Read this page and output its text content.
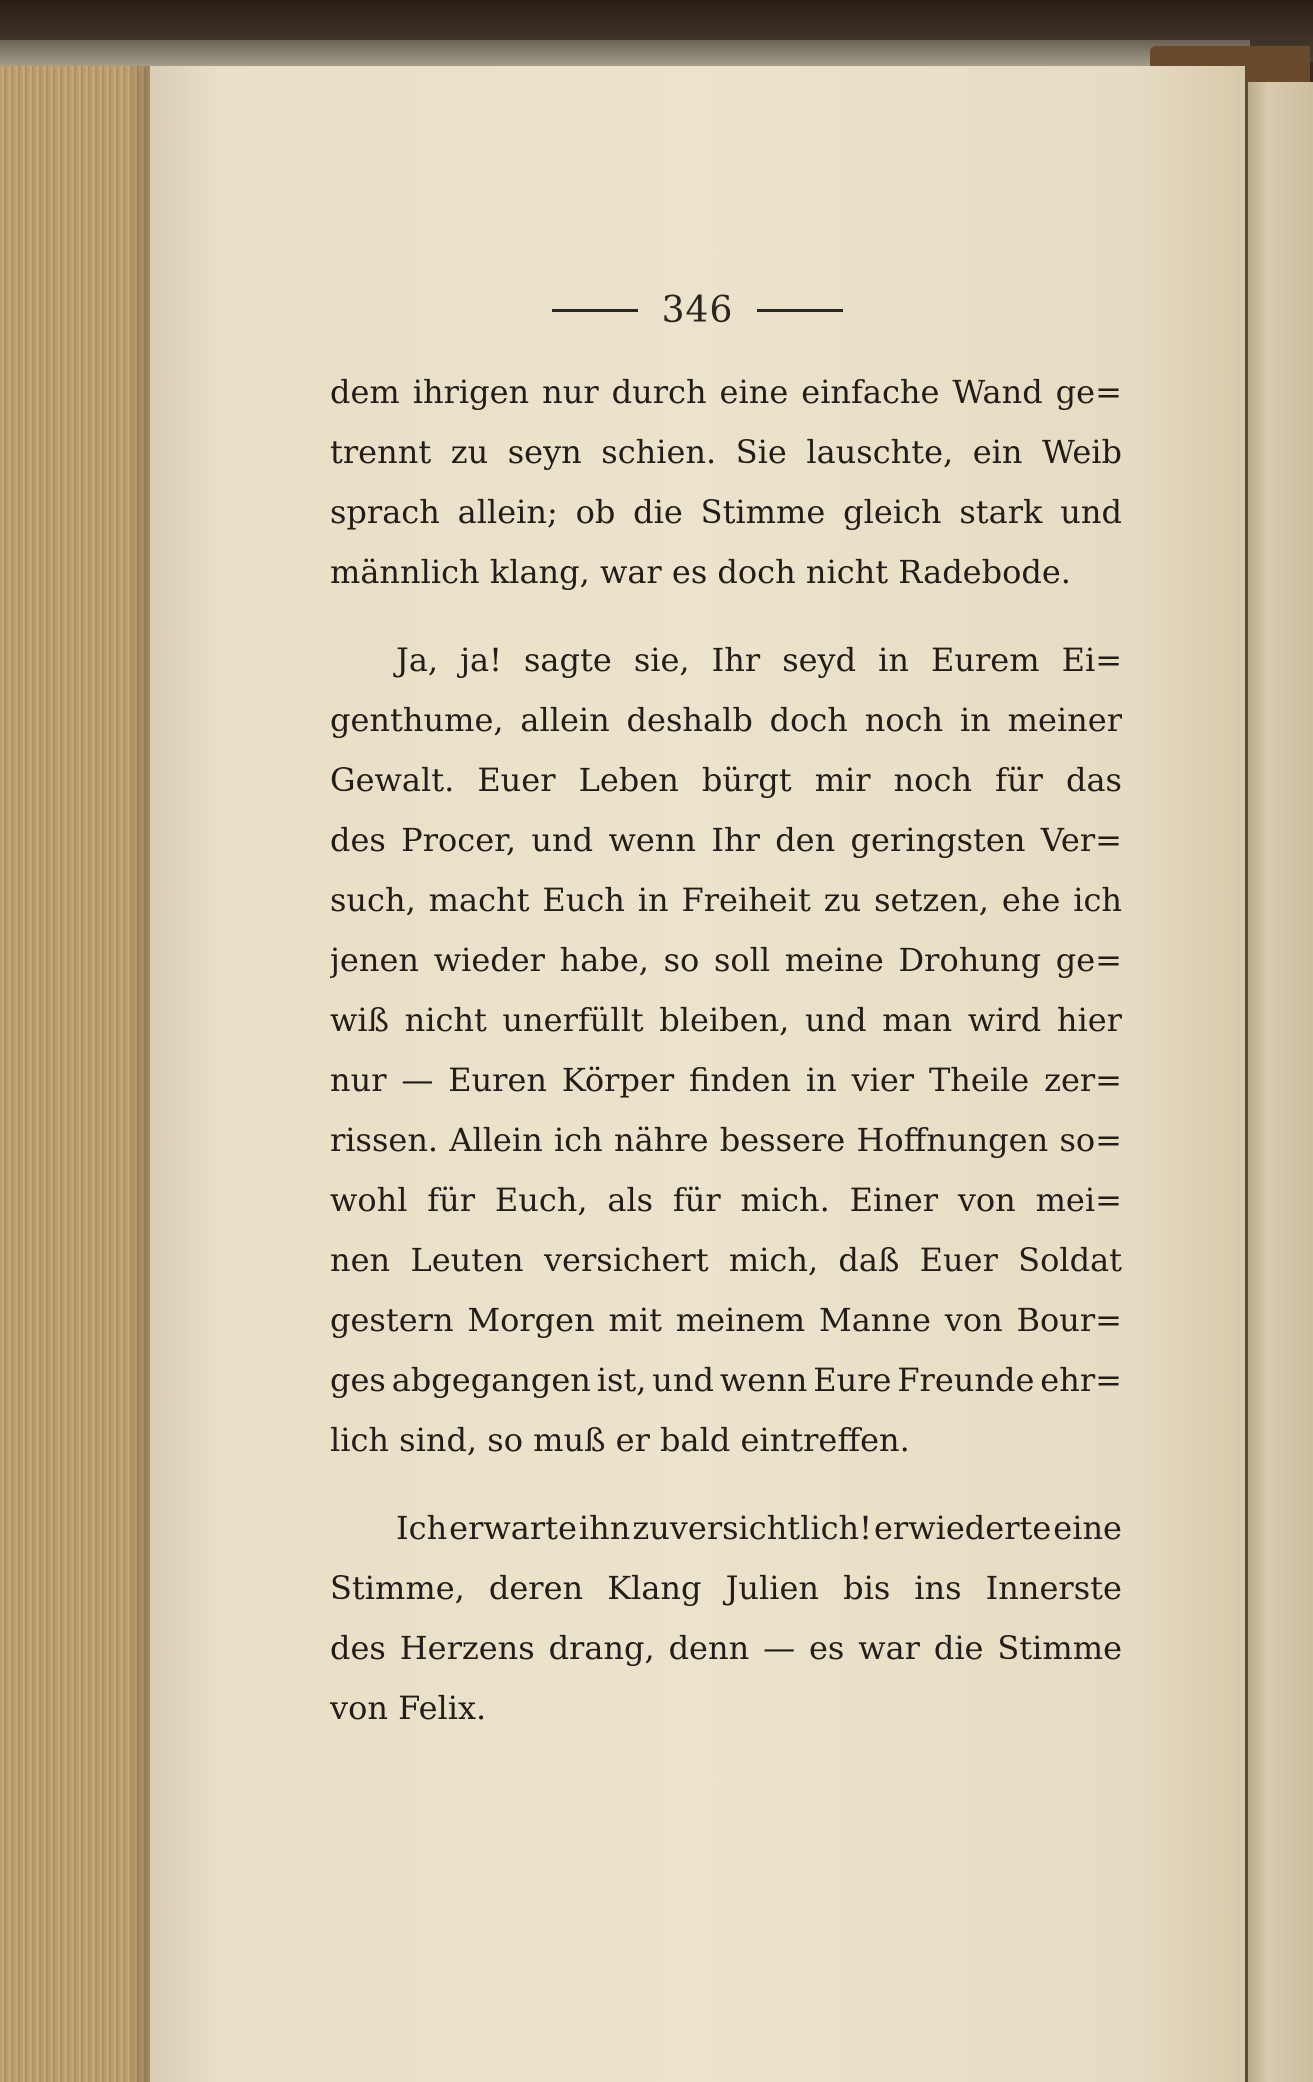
346
dem ihrigen nur durch eine einfache Wand ge=
trennt zu seyn schien. Sie lauschte, ein Weib
sprach allein; ob die Stimme gleich stark und
männlich klang, war es doch nicht Radebode.
Ja, ja! sagte sie, Ihr seyd in Eurem Ei=
genthume, allein deshalb doch noch in meiner
Gewalt. Euer Leben bürgt mir noch für das
des Procer, und wenn Ihr den geringsten Ver=
such, macht Euch in Freiheit zu setzen, ehe ich
jenen wieder habe, so soll meine Drohung ge=
wiß nicht unerfüllt bleiben, und man wird hier
nur — Euren Körper finden in vier Theile zer=
rissen. Allein ich nähre bessere Hoffnungen so=
wohl für Euch, als für mich. Einer von mei=
nen Leuten versichert mich, daß Euer Soldat
gestern Morgen mit meinem Manne von Bour=
ges abgegangen ist, und wenn Eure Freunde ehr=
lich sind, so muß er bald eintreffen.
Ich erwarte ihn zuversichtlich! erwiederte eine
Stimme, deren Klang Julien bis ins Innerste
des Herzens drang, denn — es war die Stimme
von Felix.
